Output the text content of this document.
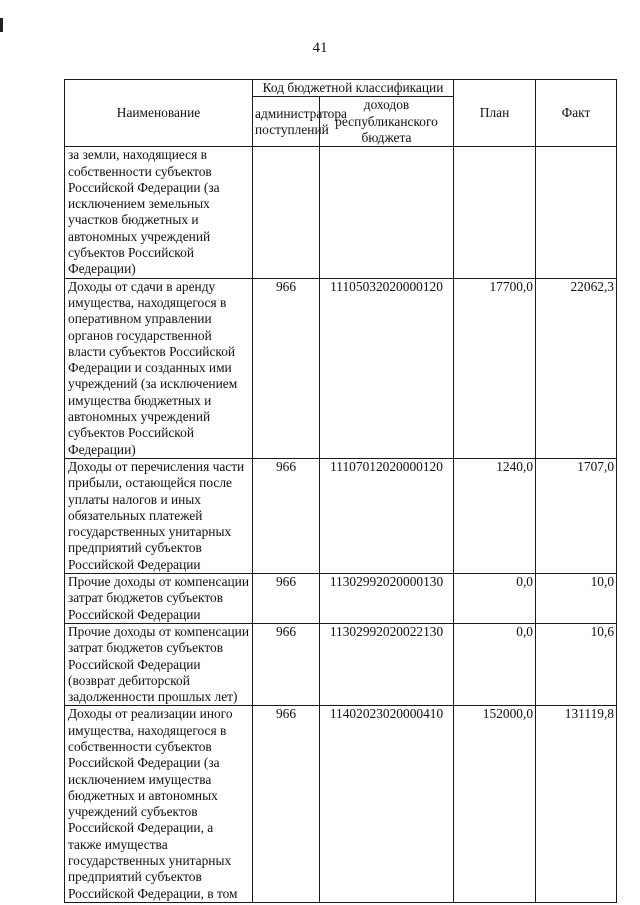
41
Наименование	Код бюджетной классификации		План	Факт
	администратора поступлений	доходов республиканского бюджета		
за земли, находящиеся в собственности субъектов Российской Федерации (за исключением земельных участков бюджетных и автономных учреждений субъектов Российской Федерации)				
Доходы от сдачи в аренду имущества, находящегося в оперативном управлении органов государственной власти субъектов Российской Федерации и созданных ими учреждений (за исключением имущества бюджетных и автономных учреждений субъектов Российской Федерации)	966	11105032020000120	17700,0	22062,3
Доходы от перечисления части прибыли, остающейся после уплаты налогов и иных обязательных платежей государственных унитарных предприятий субъектов Российской Федерации	966	11107012020000120	1240,0	1707,0
Прочие доходы от компенсации затрат бюджетов субъектов Российской Федерации	966	11302992020000130	0,0	10,0
Прочие доходы от компенсации затрат бюджетов субъектов Российской Федерации (возврат дебиторской задолженности прошлых лет)	966	11302992020022130	0,0	10,6
Доходы от реализации иного имущества, находящегося в собственности субъектов Российской Федерации (за исключением имущества бюджетных и автономных учреждений субъектов Российской Федерации, а также имущества государственных унитарных предприятий субъектов Российской Федерации, в том	966	11402023020000410	152000,0	131119,8
